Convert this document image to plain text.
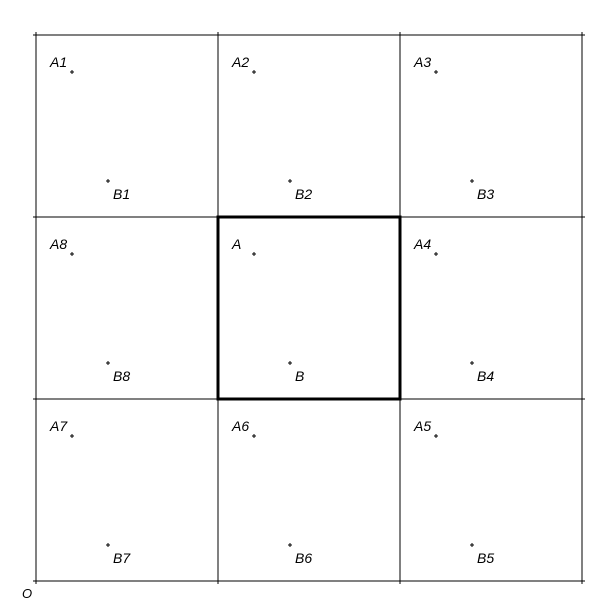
A1
B1
A2
B2
A3
B3
A8
B8
A
B
A4
B4
A7
B7
A6
B6
A5
B5
O
